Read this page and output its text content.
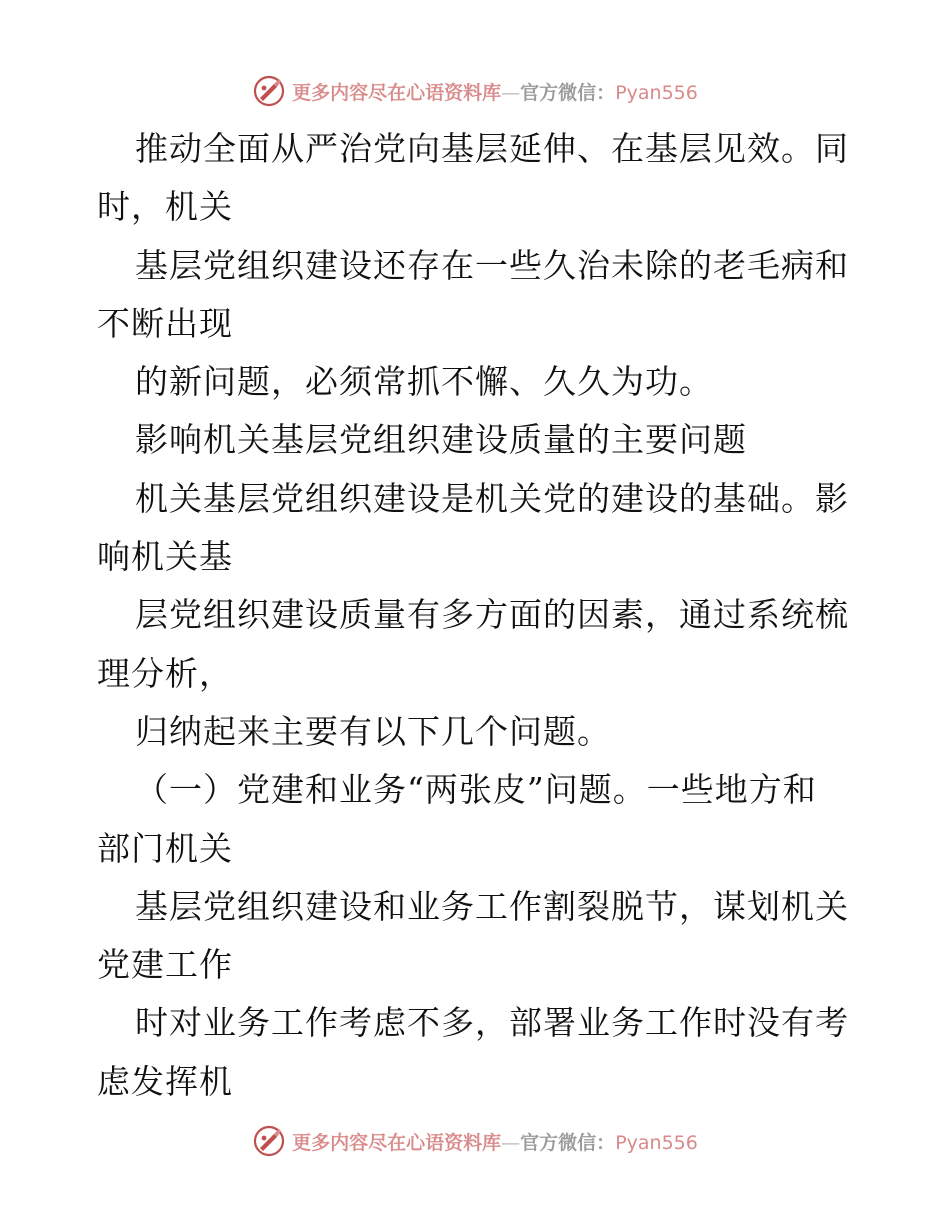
更多内容尽在心语资料库—官方微信：Pyan556
推动全面从严治党向基层延伸、在基层见效。同
时，机关
基层党组织建设还存在一些久治未除的老毛病和
不断出现
的新问题，必须常抓不懈、久久为功。
影响机关基层党组织建设质量的主要问题
机关基层党组织建设是机关党的建设的基础。影
响机关基
层党组织建设质量有多方面的因素，通过系统梳
理分析，
归纳起来主要有以下几个问题。
（一）党建和业务“两张皮”问题。一些地方和
部门机关
基层党组织建设和业务工作割裂脱节，谋划机关
党建工作
时对业务工作考虑不多，部署业务工作时没有考
虑发挥机
更多内容尽在心语资料库—官方微信：Pyan556
